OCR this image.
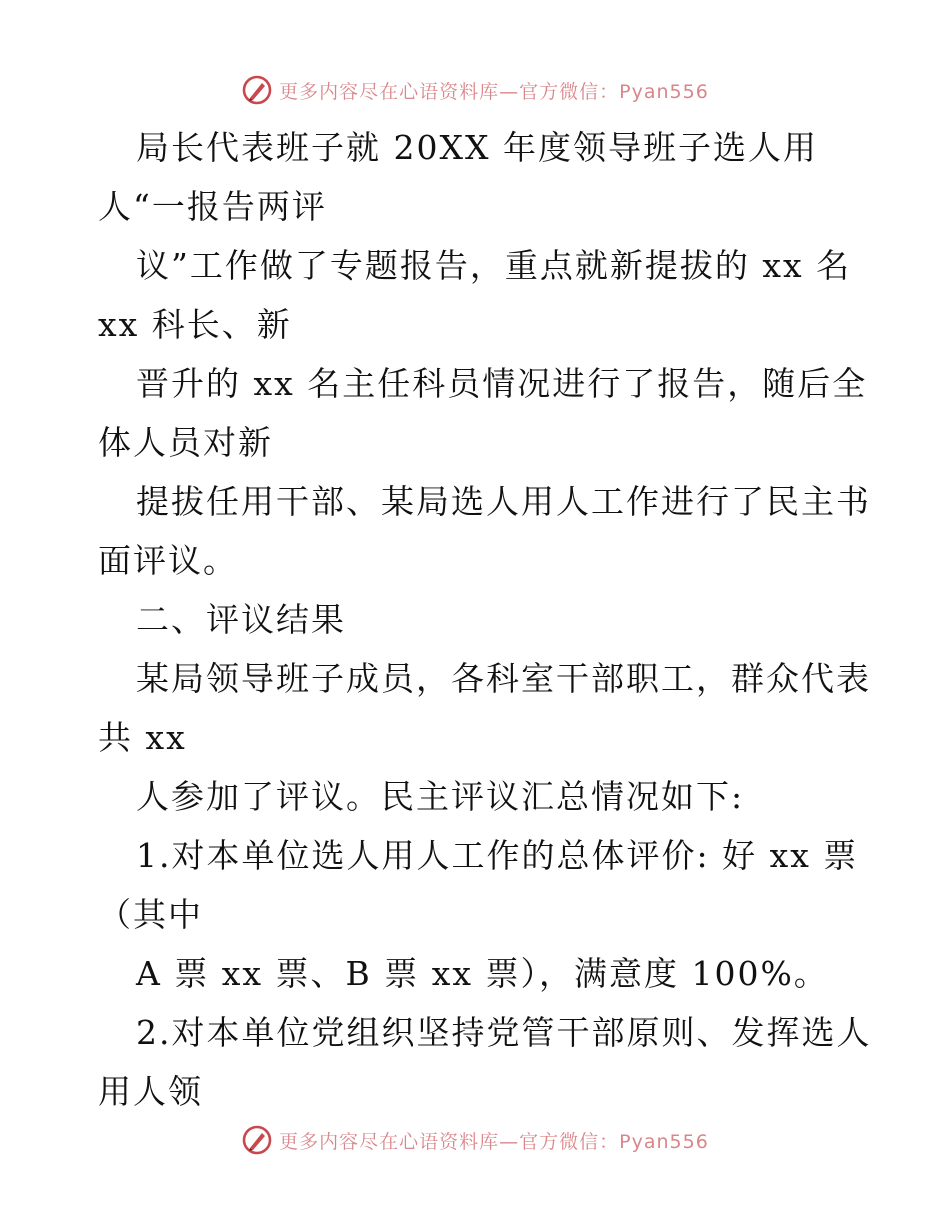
更多内容尽在心语资料库—官方微信：Pyan556
局长代表班子就 20XX 年度领导班子选人用
人“一报告两评
议”工作做了专题报告，重点就新提拔的 xx 名
xx 科长、新
晋升的 xx 名主任科员情况进行了报告，随后全
体人员对新
提拔任用干部、某局选人用人工作进行了民主书
面评议。
二、评议结果
某局领导班子成员，各科室干部职工，群众代表
共 xx
人参加了评议。民主评议汇总情况如下:
1.对本单位选人用人工作的总体评价: 好 xx 票
（其中
A 票 xx 票、B 票 xx 票），满意度 100%。
2.对本单位党组织坚持党管干部原则、发挥选人
用人领
更多内容尽在心语资料库—官方微信：Pyan556
